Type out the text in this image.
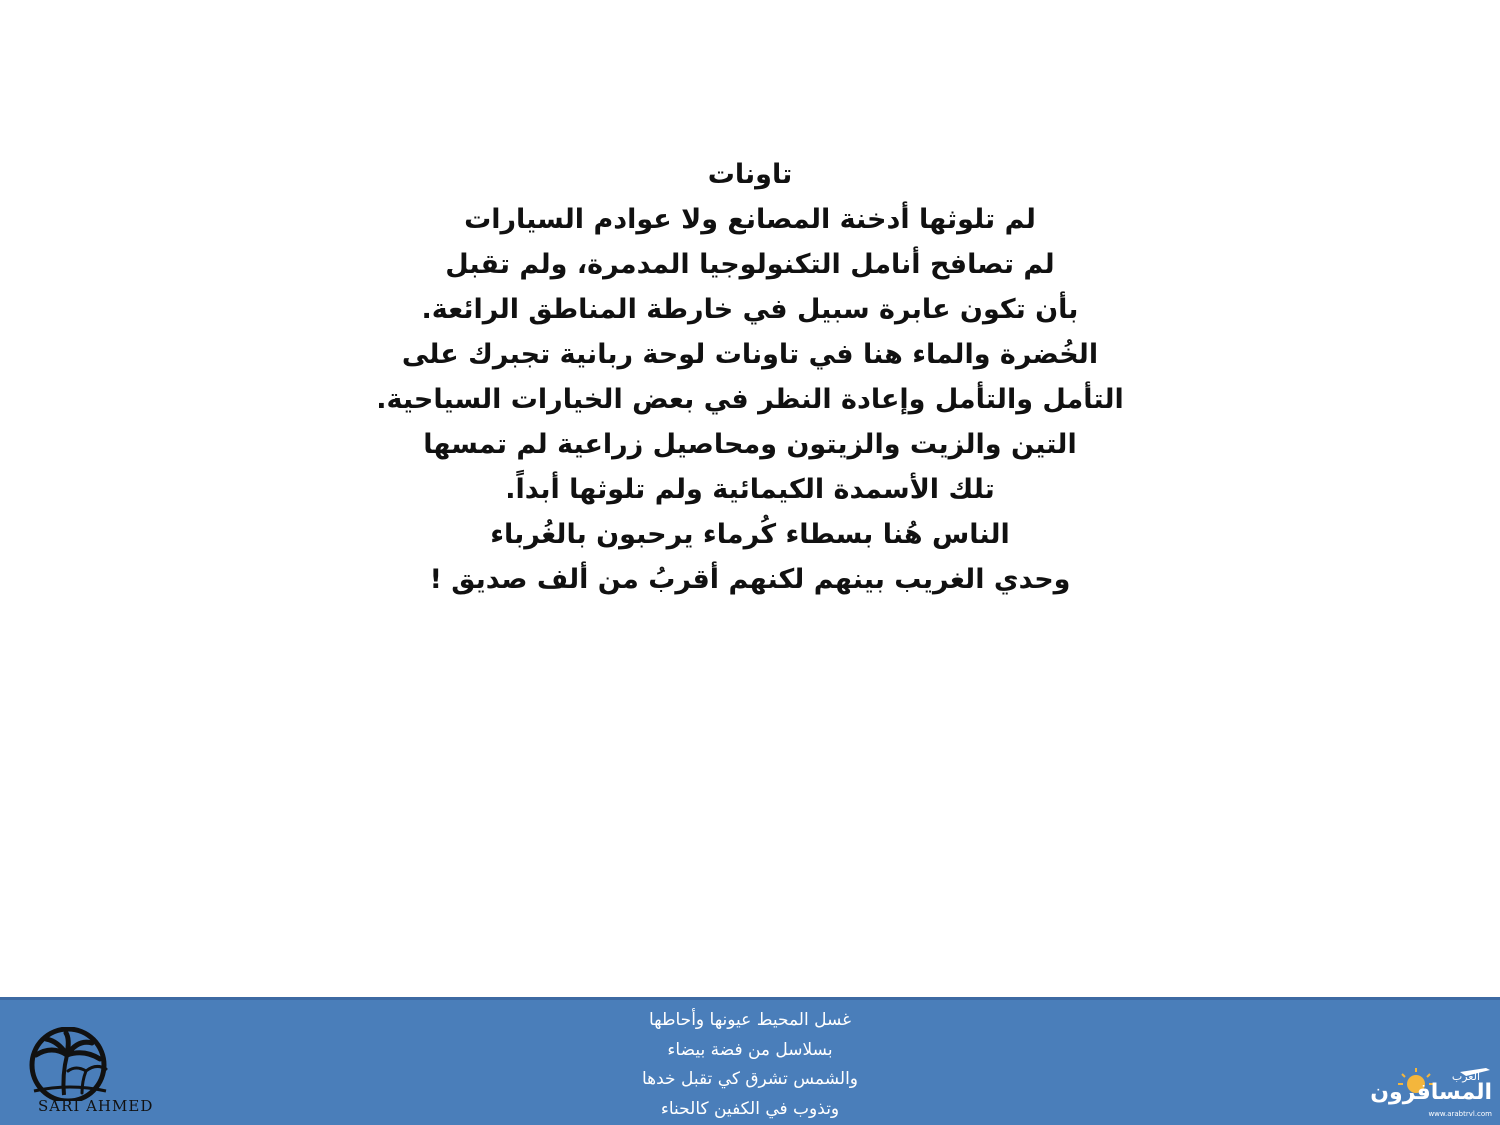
تاونات
لم تلوثها أدخنة المصانع ولا عوادم السيارات
لم تصافح أنامل التكنولوجيا المدمرة، ولم تقبل
بأن تكون عابرة سبيل في خارطة المناطق الرائعة.
الخُضرة والماء هنا في تاونات لوحة ربانية تجبرك على
التأمل والتأمل وإعادة النظر في بعض الخيارات السياحية.
التين والزيت والزيتون ومحاصيل زراعية لم تمسها
تلك الأسمدة الكيمائية ولم تلوثها أبداً.
الناس هُنا بسطاء كُرماء يرحبون بالغُرباء
وحدي الغريب بينهم لكنهم أقربُ من ألف صديق !
غسل المحيط عيونها وأحاطها
بسلاسل من فضة بيضاء
والشمس تشرق كي تقبل خدها
وتذوب في الكفين كالحناء
SARI AHMED
العرب
المسافرون
www.arabtrvl.com
